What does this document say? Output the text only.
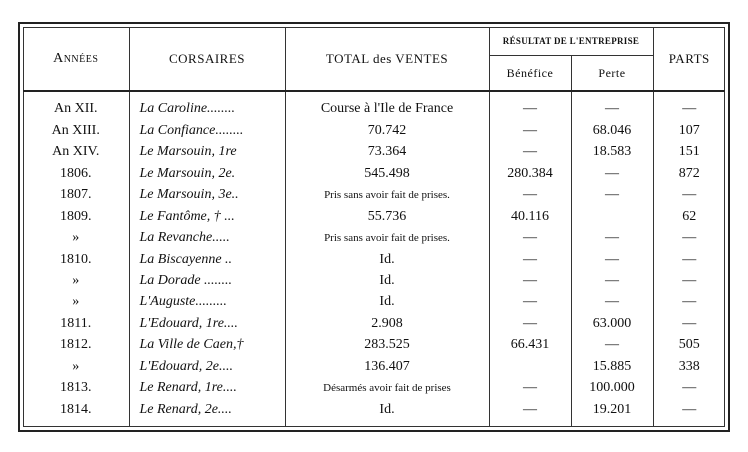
Années	CORSAIRES	TOTAL des VENTES	RÉSULTAT DE L'ENTREPRISE		PARTS
			Bénéfice	Perte	
An XII.	La Caroline........	Course à l'Ile de France	—	—	—
An XIII.	La Confiance........	70.742	—	68.046	107
An XIV.	Le Marsouin, 1re	73.364	—	18.583	151
1806.	Le Marsouin, 2e.	545.498	280.384	—	872
1807.	Le Marsouin, 3e..	Pris sans avoir fait de prises.	—	—	—
1809.	Le Fantôme, † ...	55.736	40.116		62
»	La Revanche.....	Pris sans avoir fait de prises.	—	—	—
1810.	La Biscayenne ..	Id.	—	—	—
»	La Dorade ........	Id.	—	—	—
»	L'Auguste.........	Id.	—	—	—
1811.	L'Edouard, 1re....	2.908	—	63.000	—
1812.	La Ville de Caen,†	283.525	66.431	—	505
»	L'Edouard, 2e....	136.407		15.885	338
1813.	Le Renard, 1re....	Désarmés avoir fait de prises	—	100.000	—
1814.	Le Renard, 2e....	Id.	—	19.201	—
